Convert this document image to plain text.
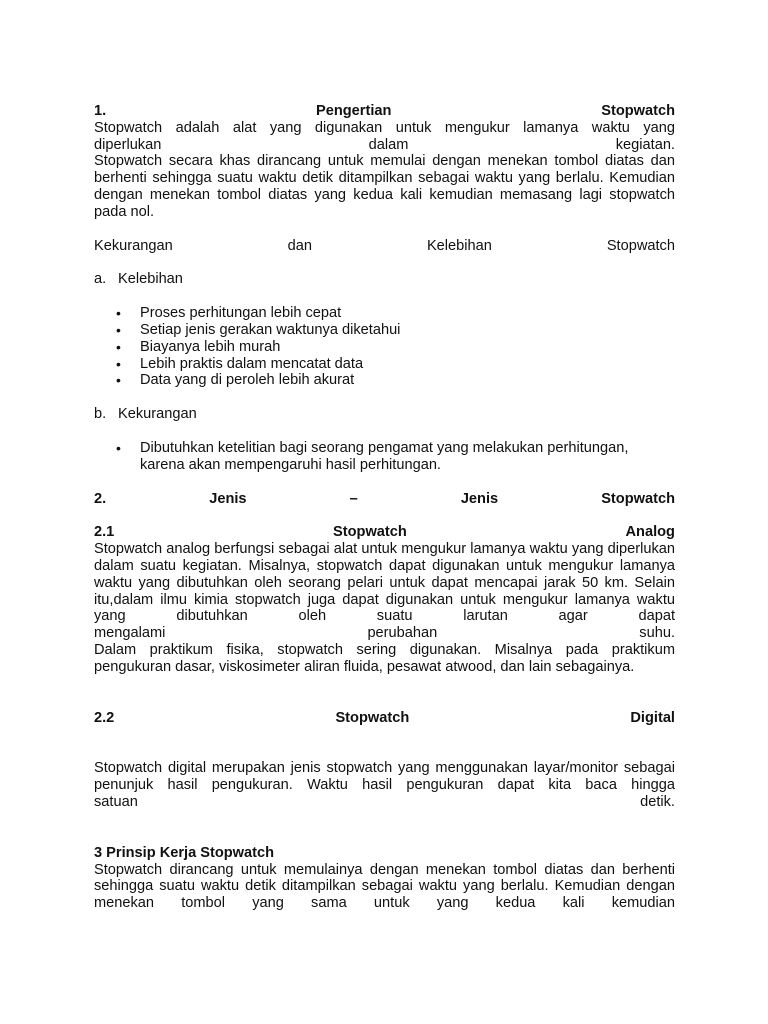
1.	Pengertian	Stopwatch

Stopwatch adalah alat yang digunakan untuk mengukur lamanya waktu yang

diperlukan dalam kegiatan.

Stopwatch secara khas dirancang untuk memulai dengan menekan tombol diatas dan berhenti sehingga suatu waktu detik ditampilkan sebagai waktu yang berlalu. Kemudian dengan menekan tombol diatas yang kedua kali kemudian memasang lagi stopwatch pada nol.

Kekurangan	dan	Kelebihan	Stopwatch
a. Kelebihan
• Proses perhitungan lebih cepat
• Setiap jenis gerakan waktunya diketahui
• Biayanya lebih murah
• Lebih praktis dalam mencatat data
• Data yang di peroleh lebih akurat
b. Kekurangan
• Dibutuhkan ketelitian bagi seorang pengamat yang melakukan perhitungan, karena akan mempengaruhi hasil perhitungan.
2.	Jenis	–	Jenis	Stopwatch
2.1	Stopwatch	Analog

Stopwatch analog berfungsi sebagai alat untuk mengukur lamanya waktu yang diperlukan dalam suatu kegiatan. Misalnya, stopwatch dapat digunakan untuk mengukur lamanya waktu yang dibutuhkan oleh seorang pelari untuk dapat mencapai jarak 50 km. Selain itu,dalam ilmu kimia stopwatch juga dapat digunakan untuk mengukur lamanya waktu yang dibutuhkan oleh suatu larutan agar dapat

mengalami perubahan suhu.

Dalam praktikum fisika, stopwatch sering digunakan. Misalnya pada praktikum pengukuran dasar, viskosimeter aliran fluida, pesawat atwood, dan lain sebagainya.

2.2	Stopwatch	Digital

Stopwatch digital merupakan jenis stopwatch yang menggunakan layar/monitor sebagai penunjuk hasil pengukuran. Waktu hasil pengukuran dapat kita baca hingga

satuan detik.

3 Prinsip Kerja Stopwatch

Stopwatch dirancang untuk memulainya dengan menekan tombol diatas dan berhenti sehingga suatu waktu detik ditampilkan sebagai waktu yang berlalu. Kemudian dengan menekan tombol yang sama untuk yang kedua kali kemudian
